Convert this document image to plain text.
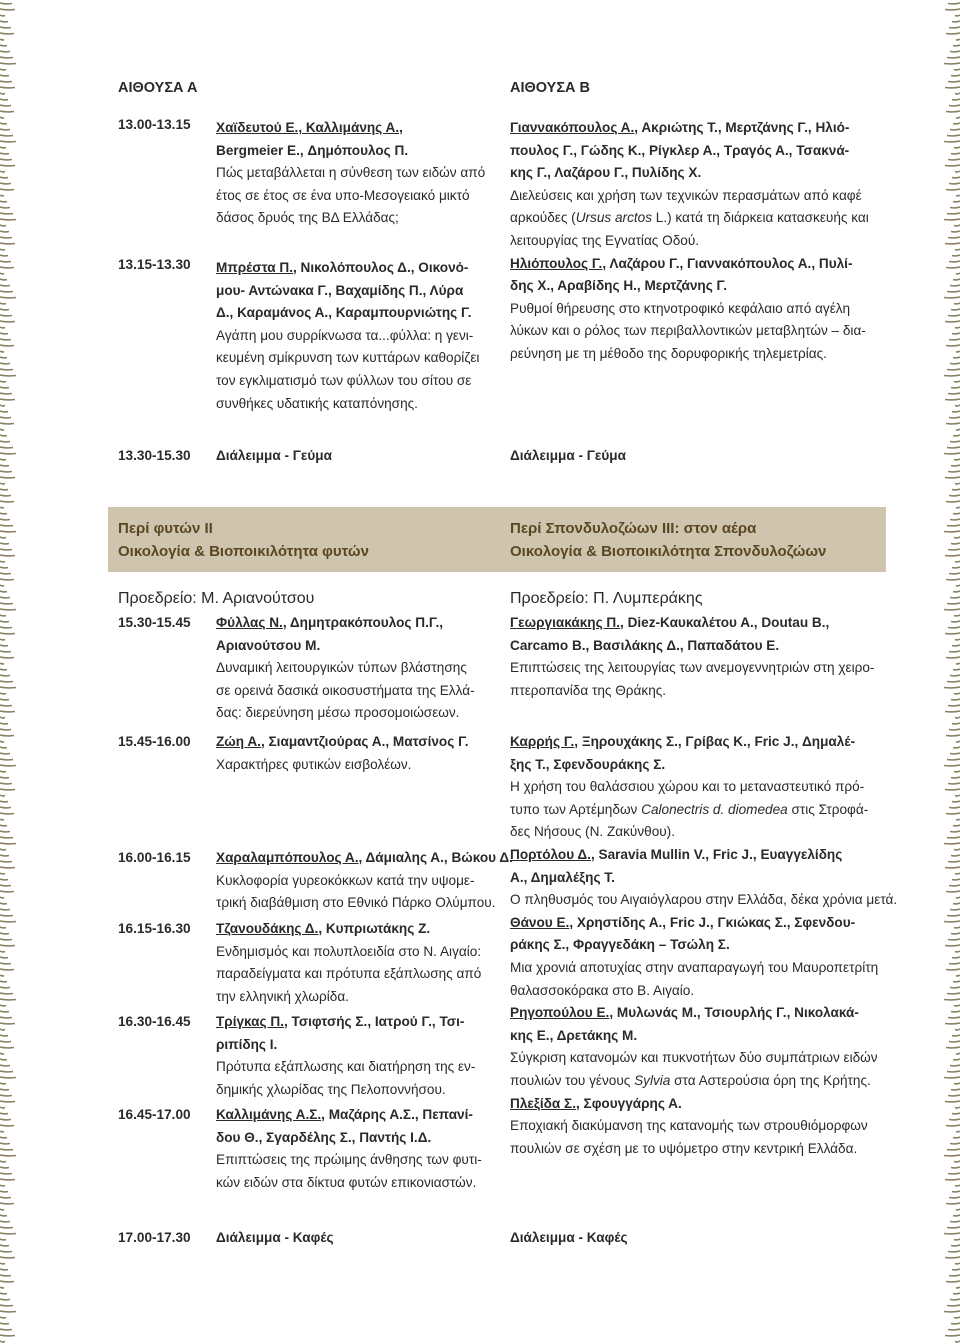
ΑΙΘΟΥΣΑ Α
13.00-13.15 Χαϊδευτού Ε., Καλλιμάνης Α.,
Bergmeier E., Δημόπουλος Π.
Πώς μεταβάλλεται η σύνθεση των ειδών από
έτος σε έτος σε ένα υπο-Μεσογειακό μικτό
δάσος δρυός της ΒΔ Ελλάδας;
13.15-13.30 Μπρέστα Π., Νικολόπουλος Δ., Οικονό-
μου- Αντώνακα Γ., Βαχαμίδης Π., Λύρα
Δ., Καραμάνος Α., Καραμπουρνιώτης Γ.
Αγάπη μου συρρίκνωσα τα...φύλλα: η γενι-
κευμένη σμίκρυνση των κυττάρων καθορίζει
τον εγκλιματισμό των φύλλων του σίτου σε
συνθήκες υδατικής καταπόνησης.
13.30-15.30 Διάλειμμα - Γεύμα
ΑΙΘΟΥΣΑ Β
Γιαννακόπουλος Α., Ακριώτης Τ., Μερτζάνης Γ., Ηλιό-
πουλος Γ., Γώδης Κ., Ρίγκλερ Α., Τραγός Α., Τσακνά-
κης Γ., Λαζάρου Γ., Πυλίδης Χ.
Διελεύσεις και χρήση των τεχνικών περασμάτων από καφέ
αρκούδες (Ursus arctos L.) κατά τη διάρκεια κατασκευής και
λειτουργίας της Εγνατίας Οδού.
Ηλιόπουλος Γ., Λαζάρου Γ., Γιαννακόπουλος Α., Πυλί-
δης Χ., Αραβίδης Η., Μερτζάνης Γ.
Ρυθμοί θήρευσης στο κτηνοτροφικό κεφάλαιο από αγέλη
λύκων και ο ρόλος των περιβαλλοντικών μεταβλητών – δια-
ρεύνηση με τη μέθοδο της δορυφορικής τηλεμετρίας.
Διάλειμμα - Γεύμα
Περί φυτών ΙΙ
Οικολογία & Βιοποικιλότητα φυτών
Περί Σπονδυλοζώων ΙΙΙ: στον αέρα
Οικολογία & Βιοποικιλότητα Σπονδυλοζώων
Προεδρείο: Μ. Αριανούτσου
15.30-15.45 Φύλλας Ν., Δημητρακόπουλος Π.Γ.,
Αριανούτσου Μ.
Δυναμική λειτουργικών τύπων βλάστησης
σε ορεινά δασικά οικοσυστήματα της Ελλά-
δας: διερεύνηση μέσω προσομοιώσεων.
15.45-16.00 Ζώη Α., Σιαμαντζιούρας Α., Ματσίνος Γ.
Χαρακτήρες φυτικών εισβολέων.
16.00-16.15 Χαραλαμπόπουλος Α., Δάμιαλης Α., Βώκου Δ.
Κυκλοφορία γυρεοκόκκων κατά την υψομε-
τρική διαβάθμιση στο Εθνικό Πάρκο Ολύμπου.
16.15-16.30 Τζανουδάκης Δ., Κυπριωτάκης Ζ.
Ενδημισμός και πολυπλοειδία στο Ν. Αιγαίο:
παραδείγματα και πρότυπα εξάπλωσης από
την ελληνική χλωρίδα.
16.30-16.45 Τρίγκας Π., Τσιφτσής Σ., Ιατρού Γ., Τσι-
ριπίδης Ι.
Πρότυπα εξάπλωσης και διατήρηση της εν-
δημικής χλωρίδας της Πελοποννήσου.
16.45-17.00 Καλλιμάνης Α.Σ., Μαζάρης Α.Σ., Πεπανί-
δου Θ., Σγαρδέλης Σ., Παντής Ι.Δ.
Επιπτώσεις της πρώιμης άνθησης των φυτι-
κών ειδών στα δίκτυα φυτών επικονιαστών.
17.00-17.30 Διάλειμμα - Καφές
Προεδρείο: Π. Λυμπεράκης
Γεωργιακάκης Π., Diez-Καυκαλέτου Α., Doutau B.,
Carcamo B., Βασιλάκης Δ., Παπαδάτου Ε.
Επιπτώσεις της λειτουργίας των ανεμογεννητριών στη χειρο-
πτεροπανίδα της Θράκης.
Καρρής Γ., Ξηρουχάκης Σ., Γρίβας Κ., Fric J., Δημαλέ-
ξης Τ., Σφενδουράκης Σ.
Η χρήση του θαλάσσιου χώρου και το μεταναστευτικό πρό-
τυπο των Αρτέμηδων Calonectris d. diomedea στις Στροφά-
δες Νήσους (Ν. Ζακύνθου).
Πορτόλου Δ., Saravia Mullin V., Fric J., Ευαγγελίδης
Α., Δημαλέξης Τ.
Ο πληθυσμός του Αιγαιόγλαρου στην Ελλάδα, δέκα χρόνια μετά.
Θάνου Ε., Χρηστίδης Α., Fric J., Γκιώκας Σ., Σφενδου-
ράκης Σ., Φραγγεδάκη – Τσώλη Σ.
Μια χρονιά αποτυχίας στην αναπαραγωγή του Μαυροπετρίτη
θαλασσοκόρακα στο Β. Αιγαίο.
Ρηγοπούλου Ε., Μυλωνάς Μ., Τσιουρλής Γ., Νικολακά-
κης Ε., Δρετάκης Μ.
Σύγκριση κατανομών και πυκνοτήτων δύο συμπάτριων ειδών
πουλιών του γένους Sylvia στα Αστερούσια όρη της Κρήτης.
Πλεξίδα Σ., Σφουγγάρης Α.
Εποχιακή διακύμανση της κατανομής των στρουθιόμορφων
πουλιών σε σχέση με το υψόμετρο στην κεντρική Ελλάδα.
Διάλειμμα - Καφές
